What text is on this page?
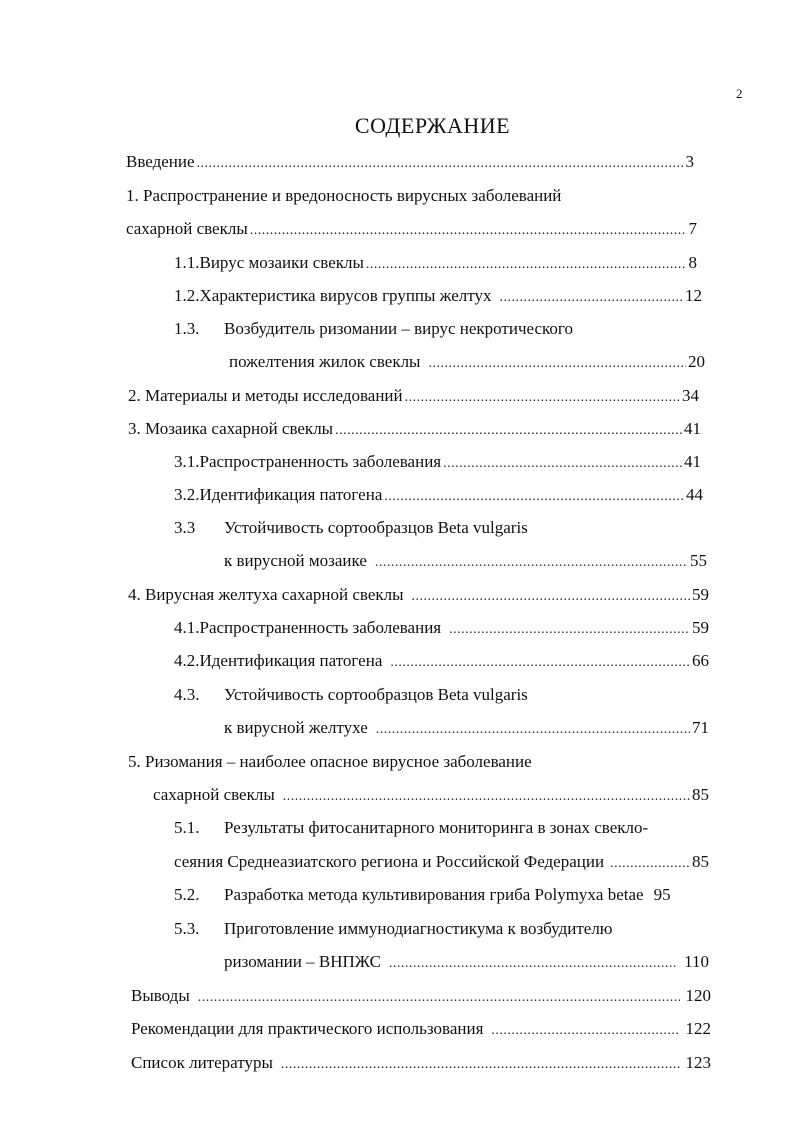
2
СОДЕРЖАНИЕ
Введение .....	3
1. Распространение и вредоносность вирусных заболеваний
сахарной свеклы .....	7
1.1. Вирус мозаики свеклы .....	8
1.2. Характеристика вирусов группы желтух .....	12
1.3.	Возбудитель ризомании – вирус некротического
пожелтения жилок свеклы .....	20
2. Материалы и методы исследований .....	34
3. Мозаика сахарной свеклы .....	41
3.1. Распространенность заболевания .....	41
3.2. Идентификация патогена .....	44
3.3	Устойчивость сортообразцов Beta vulgaris
к вирусной мозаике .....	55
4. Вирусная желтуха сахарной свеклы .....	59
4.1. Распространенность заболевания .....	59
4.2. Идентификация патогена .....	66
4.3.	Устойчивость сортообразцов Beta vulgaris
к вирусной желтухе .....	71
5. Ризомания – наиболее опасное вирусное заболевание
сахарной свеклы .....	85
5.1.	Результаты фитосанитарного мониторинга в зонах свекло-
сеяния Среднеазиатского региона и Российской Федерации .....	85
5.2.	Разработка метода культивирования гриба Polymyxa betae 95
5.3.	Приготовление иммунодиагностикума к возбудителю
ризомании – ВНПЖС .....	110
Выводы .....	120
Рекомендации для практического использования .....	122
Список литературы .....	123
